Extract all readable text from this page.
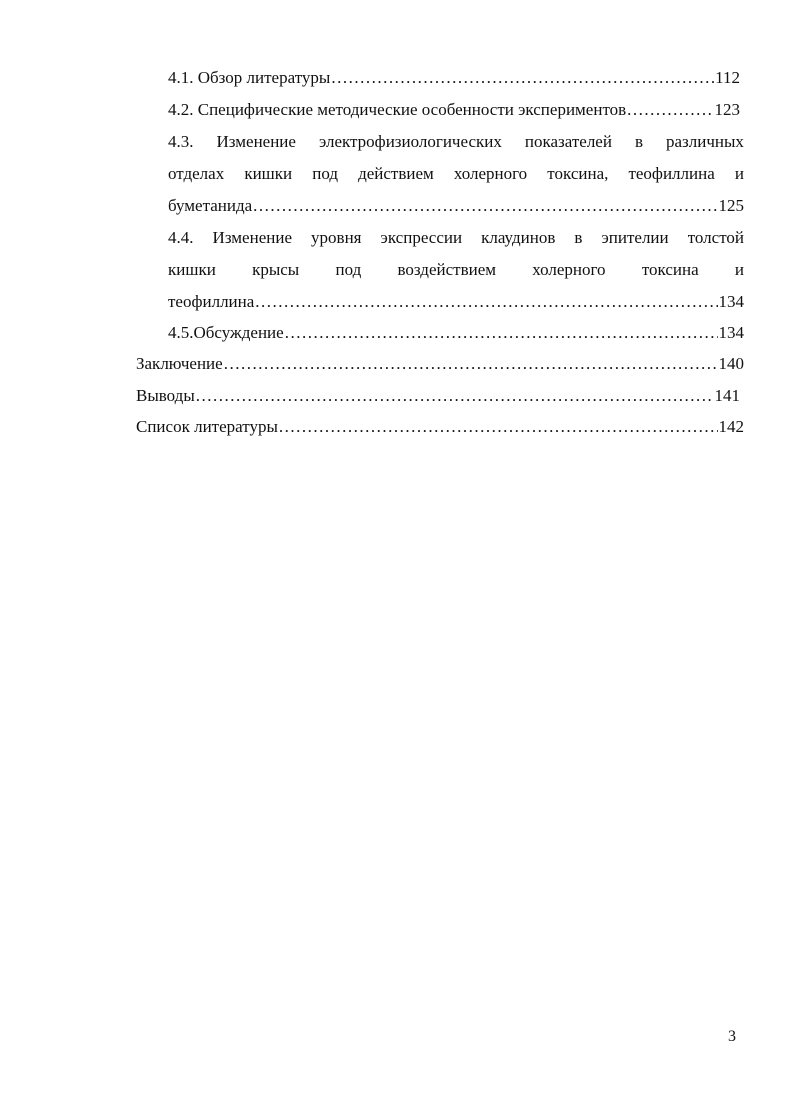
4.1. Обзор литературы .....	112
4.2. Специфические методические особенности экспериментов .....	123
4.3. Изменение электрофизиологических показателей в различных
отделах кишки под действием холерного токсина, теофиллина и
буметанида .....	125
4.4. Изменение уровня экспрессии клаудинов в эпителии толстой
кишки крысы под воздействием холерного токсина и
теофиллина .....	134
4.5.Обсуждение .....	134
Заключение .....	140
Выводы .....	141
Список литературы .....	142
3
